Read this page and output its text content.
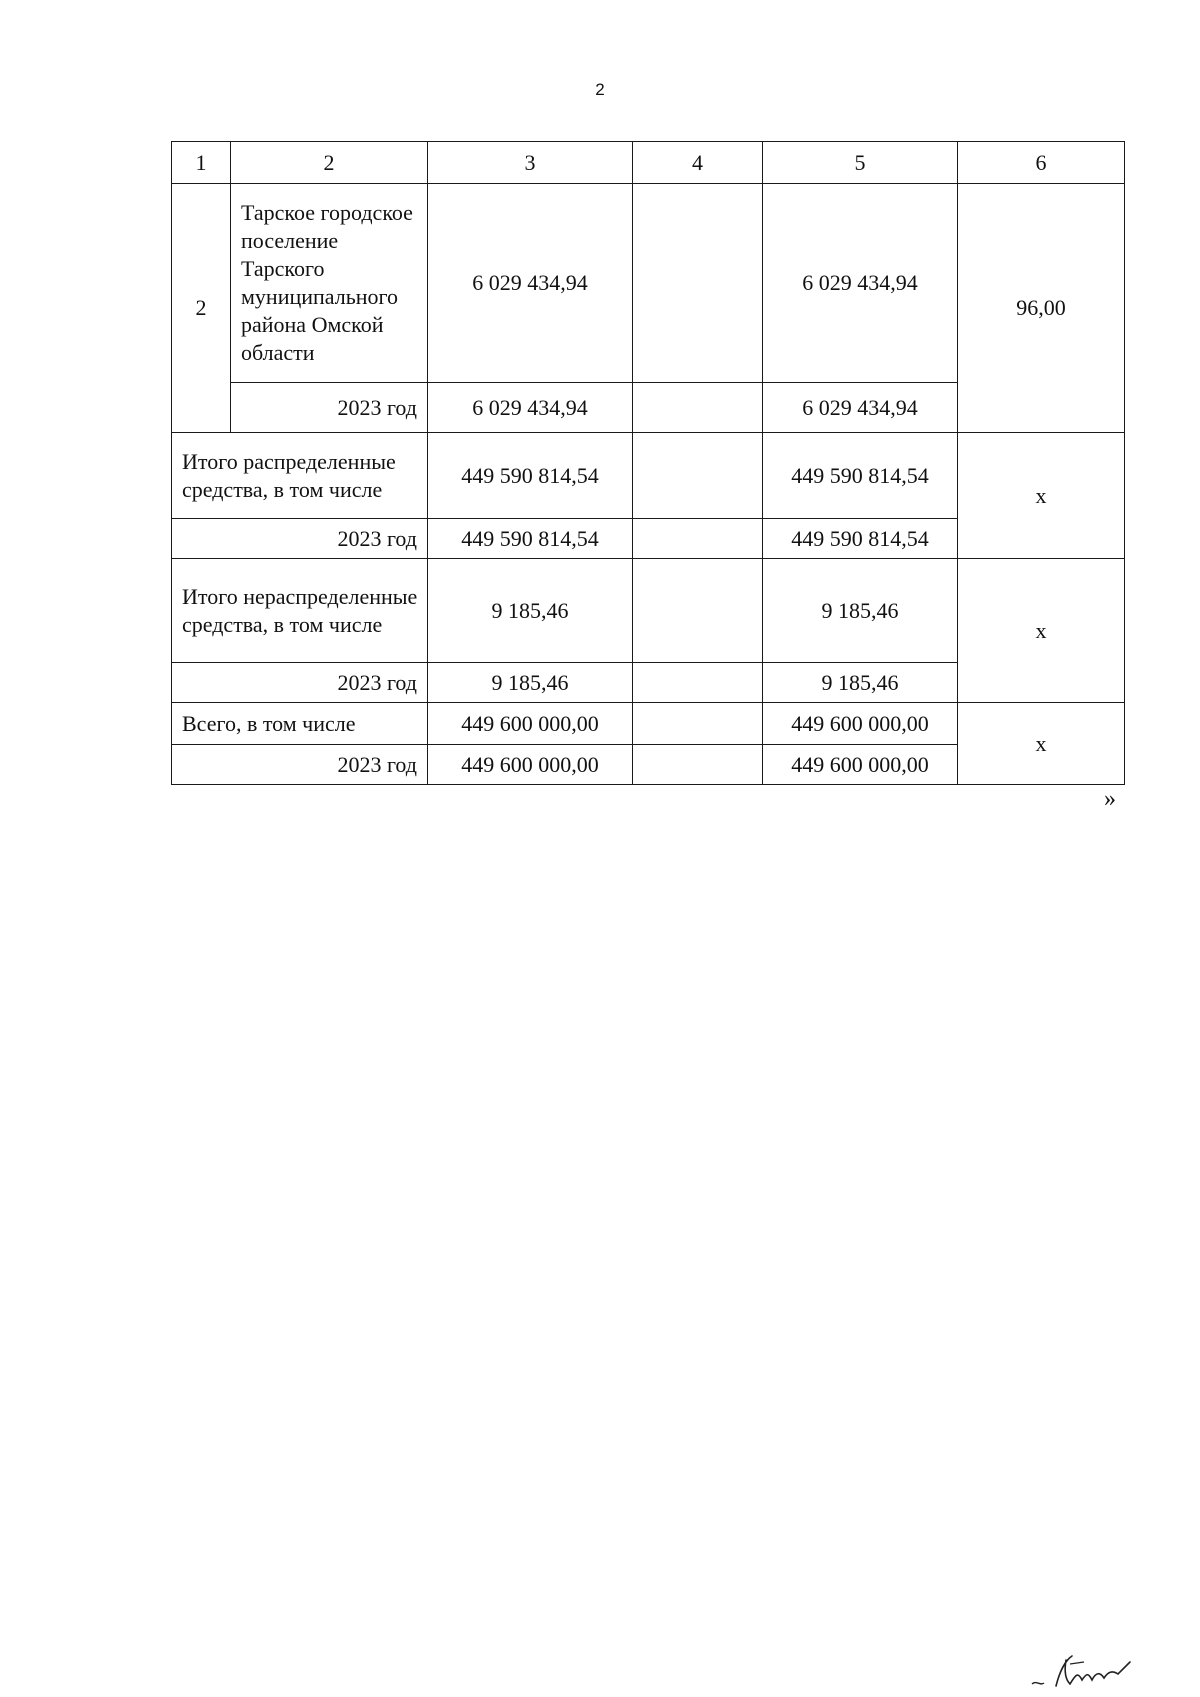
2
1	2	3	4	5	6
2	Тарское городское поселение Тарского муниципального района Омской области	6 029 434,94		6 029 434,94	96,00
	2023 год	6 029 434,94		6 029 434,94	
Итого распределенные средства, в том числе		449 590 814,54		449 590 814,54	x
2023 год		449 590 814,54		449 590 814,54	
Итого нераспределенные средства, в том числе		9 185,46		9 185,46	x
2023 год		9 185,46		9 185,46	
Всего, в том числе		449 600 000,00		449 600 000,00	x
2023 год		449 600 000,00		449 600 000,00	
»
